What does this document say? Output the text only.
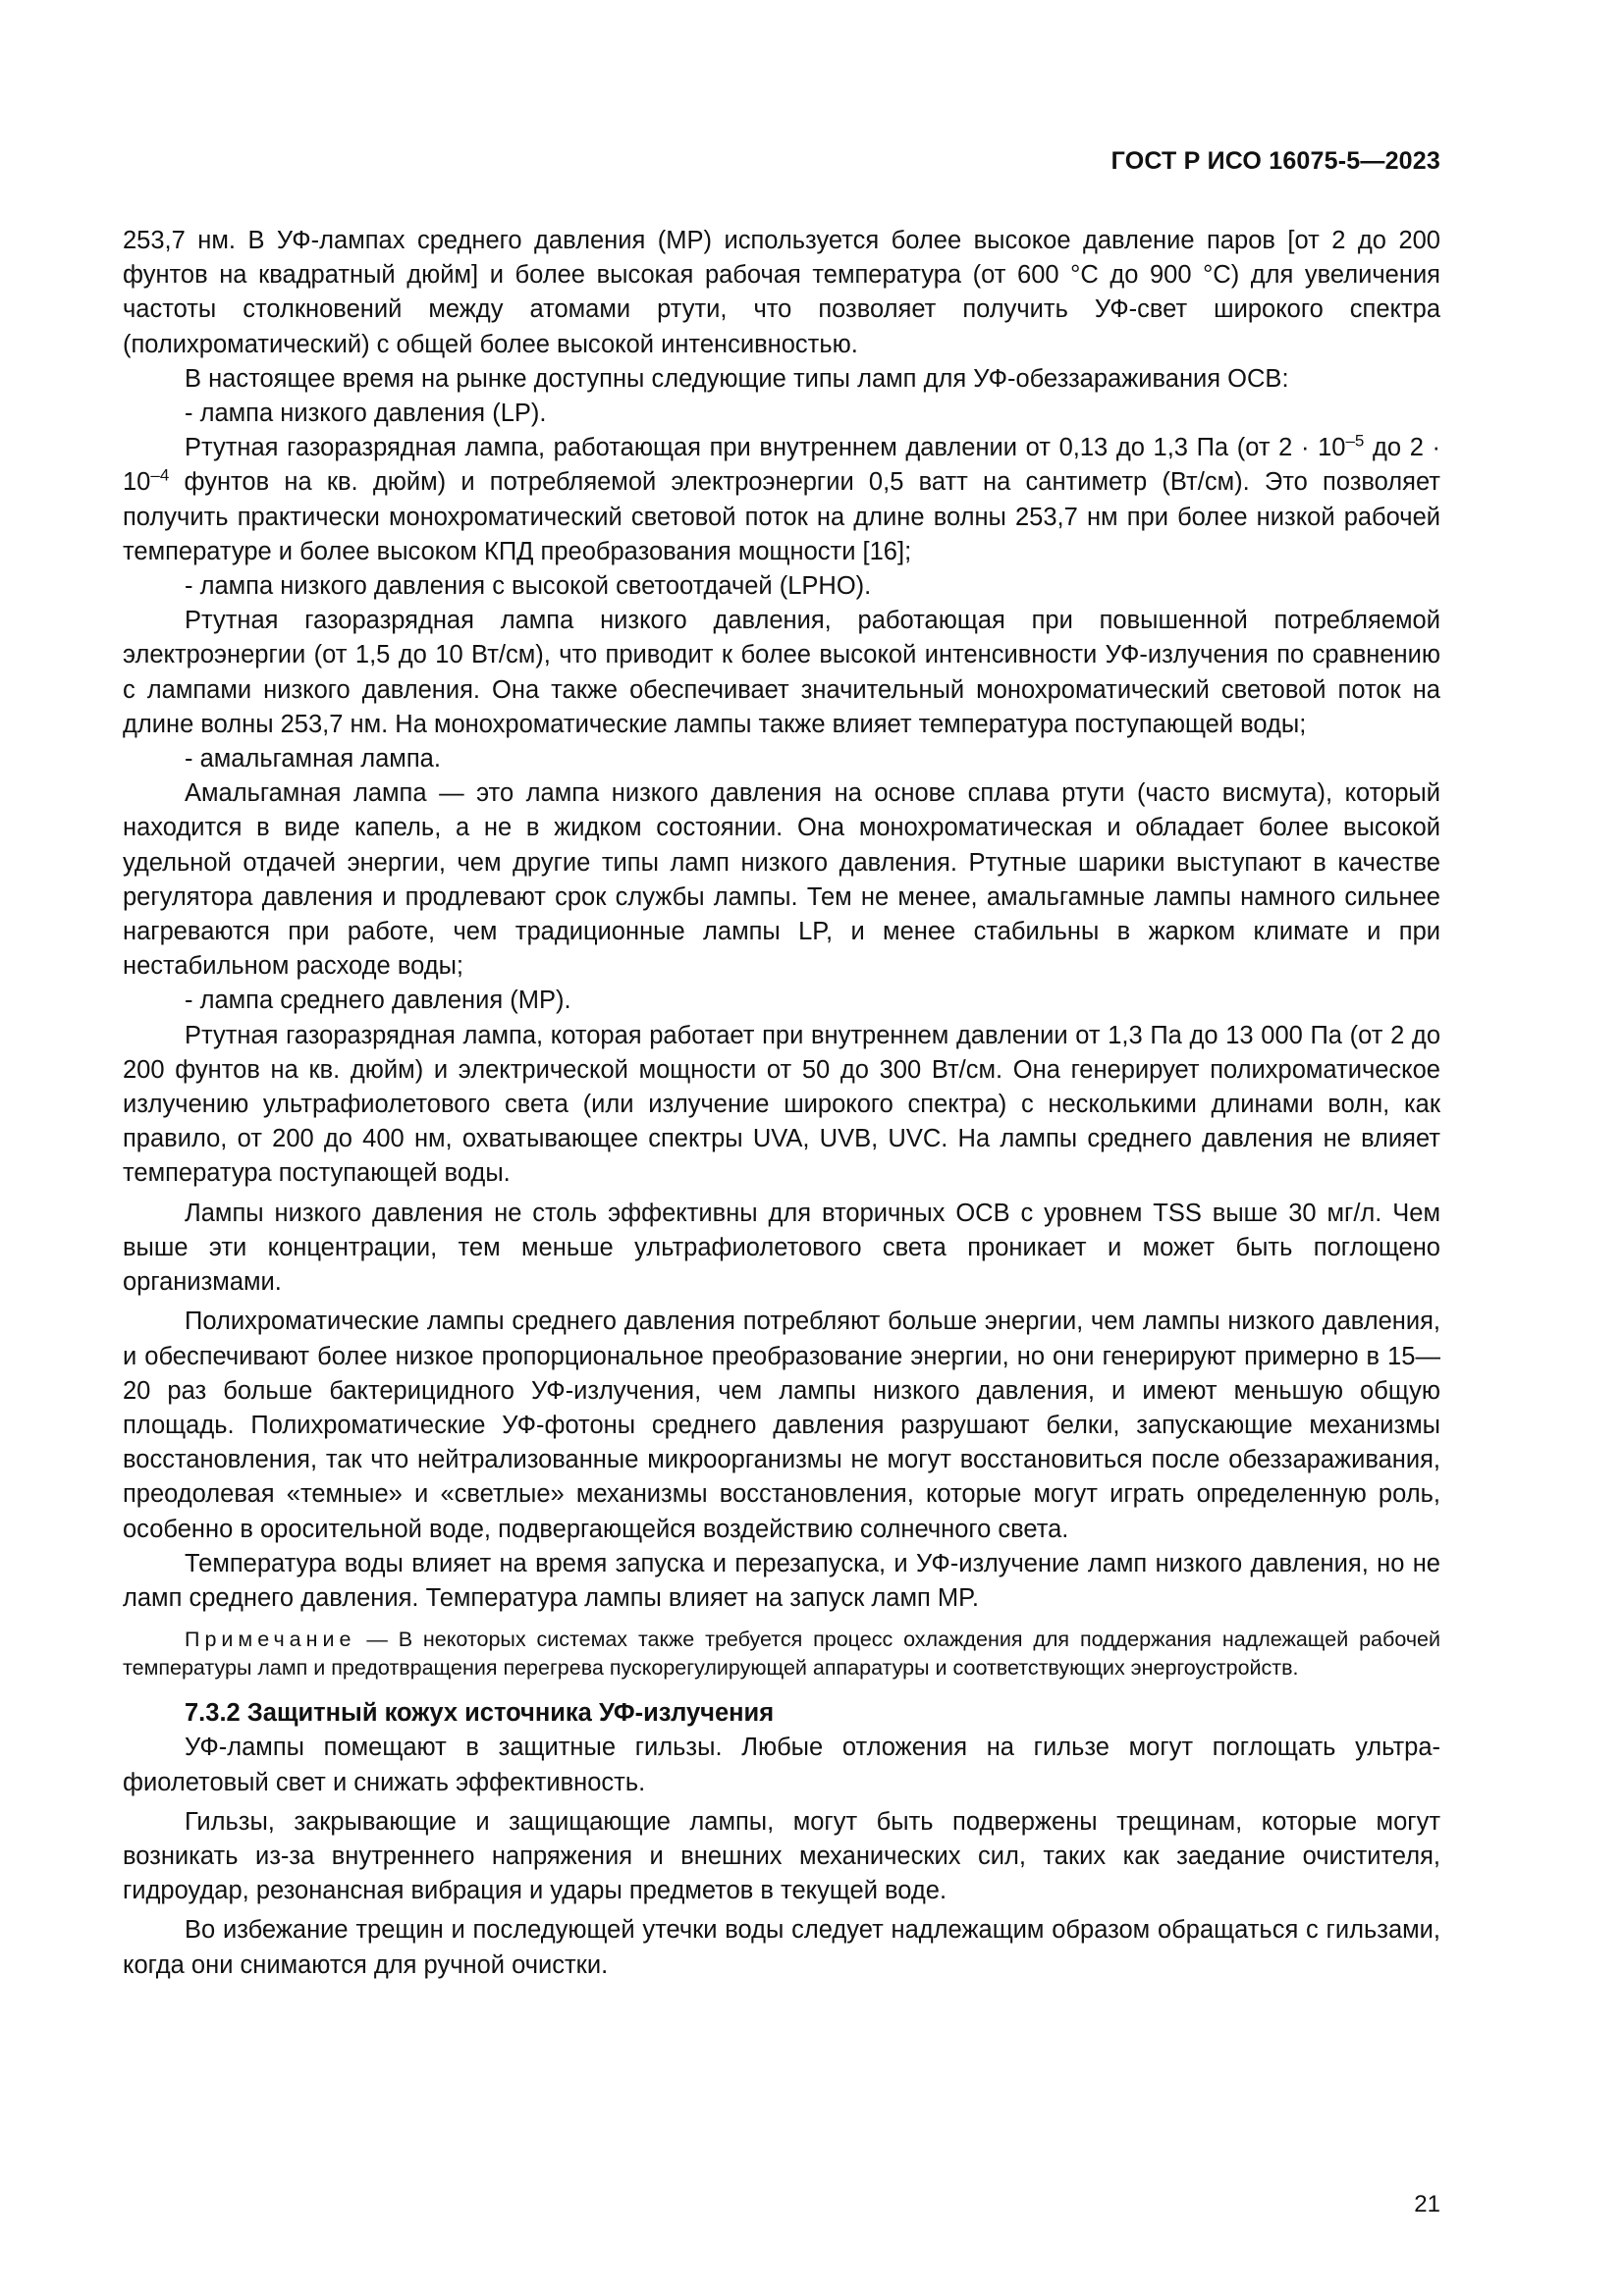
ГОСТ Р ИСО 16075-5—2023

253,7 нм. В УФ-лампах среднего давления (MP) используется более высокое давление паров [от 2 до 200 фунтов на квадратный дюйм] и более высокая рабочая температура (от 600 °С до 900 °С) для увеличения частоты столкновений между атомами ртути, что позволяет получить УФ-свет широкого спектра (полихроматический) с общей более высокой интенсивностью.

В настоящее время на рынке доступны следующие типы ламп для УФ-обеззараживания ОСВ:

- лампа низкого давления (LP).

Ртутная газоразрядная лампа, работающая при внутреннем давлении от 0,13 до 1,3 Па (от $2 \cdot 10^{-5}$ до $2 \cdot 10^{-4}$ фунтов на кв. дюйм) и потребляемой электроэнергии 0,5 ватт на сантиметр (Вт/см). Это позволяет получить практически монохроматический световой поток на длине волны 253,7 нм при более низкой рабочей температуре и более высоком КПД преобразования мощности [16];

- лампа низкого давления с высокой светоотдачей (LPHO).

Ртутная газоразрядная лампа низкого давления, работающая при повышенной потребляемой электроэнергии (от 1,5 до 10 Вт/см), что приводит к более высокой интенсивности УФ-излучения по сравнению с лампами низкого давления. Она также обеспечивает значительный монохроматический световой поток на длине волны 253,7 нм. На монохроматические лампы также влияет температура поступающей воды;

- амальгамная лампа.

Амальгамная лампа — это лампа низкого давления на основе сплава ртути (часто висмута), который находится в виде капель, а не в жидком состоянии. Она монохроматическая и обладает более высокой удельной отдачей энергии, чем другие типы ламп низкого давления. Ртутные шарики выступают в качестве регулятора давления и продлевают срок службы лампы. Тем не менее, амальгамные лампы намного сильнее нагреваются при работе, чем традиционные лампы LP, и менее стабильны в жарком климате и при нестабильном расходе воды;

- лампа среднего давления (MP).

Ртутная газоразрядная лампа, которая работает при внутреннем давлении от 1,3 Па до 13 000 Па (от 2 до 200 фунтов на кв. дюйм) и электрической мощности от 50 до 300 Вт/см. Она генерирует полихроматическое излучению ультрафиолетового света (или излучение широкого спектра) с несколькими длинами волн, как правило, от 200 до 400 нм, охватывающее спектры UVA, UVB, UVC. На лампы среднего давления не влияет температура поступающей воды.

Лампы низкого давления не столь эффективны для вторичных ОСВ с уровнем TSS выше 30 мг/л. Чем выше эти концентрации, тем меньше ультрафиолетового света проникает и может быть поглощено организмами.

Полихроматические лампы среднего давления потребляют больше энергии, чем лампы низкого давления, и обеспечивают более низкое пропорциональное преобразование энергии, но они генерируют примерно в 15—20 раз больше бактерицидного УФ-излучения, чем лампы низкого давления, и имеют меньшую общую площадь. Полихроматические УФ-фотоны среднего давления разрушают белки, запускающие механизмы восстановления, так что нейтрализованные микроорганизмы не могут восстановиться после обеззараживания, преодолевая «темные» и «светлые» механизмы восстановления, которые могут играть определенную роль, особенно в оросительной воде, подвергающейся воздействию солнечного света.

Температура воды влияет на время запуска и перезапуска, и УФ-излучение ламп низкого давления, но не ламп среднего давления. Температура лампы влияет на запуск ламп MP.

Примечание — В некоторых системах также требуется процесс охлаждения для поддержания надлежащей рабочей температуры ламп и предотвращения перегрева пускорегулирующей аппаратуры и соответствующих энергоустройств.

7.3.2 Защитный кожух источника УФ-излучения

УФ-лампы помещают в защитные гильзы. Любые отложения на гильзе могут поглощать ультрафиолетовый свет и снижать эффективность.

Гильзы, закрывающие и защищающие лампы, могут быть подвержены трещинам, которые могут возникать из-за внутреннего напряжения и внешних механических сил, таких как заедание очистителя, гидроудар, резонансная вибрация и удары предметов в текущей воде.

Во избежание трещин и последующей утечки воды следует надлежащим образом обращаться с гильзами, когда они снимаются для ручной очистки.

21
